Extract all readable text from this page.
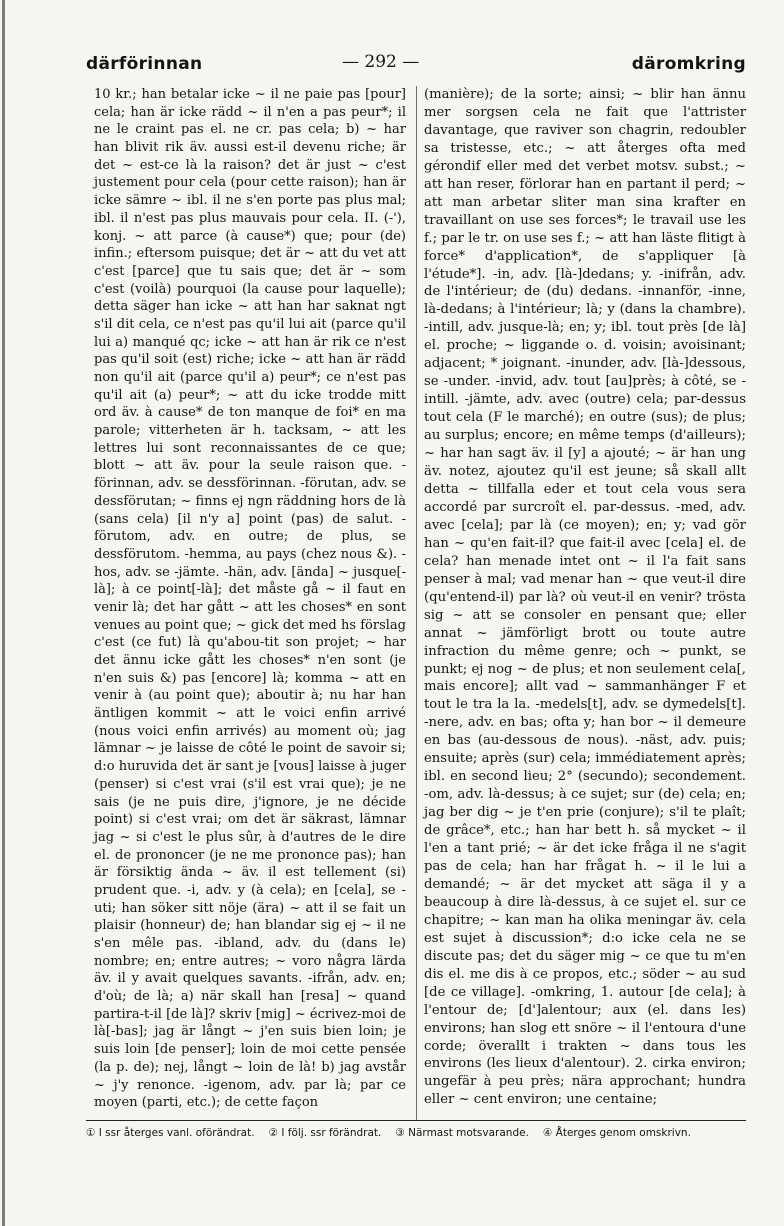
därförinnan	— 292 —	däromkring

10 kr.; han betalar icke ~ il ne paie pas [pour] cela; han är icke rädd ~ il n'en a pas peur*; il ne le craint pas el. ne cr. pas cela; b) ~ har han blivit rik äv. aussi est-il devenu riche; är det ~ est-ce là la raison? det är just ~ c'est justement pour cela (pour cette raison); han är icke sämre ~ ibl. il ne s'en porte pas plus mal; ibl. il n'est pas plus mauvais pour cela. II. (-'), konj. ~ att parce (à cause*) que; pour (de) infin.; eftersom puisque; det är ~ att du vet att c'est [parce] que tu sais que; det är ~ som c'est (voilà) pourquoi (la cause pour laquelle); detta säger han icke ~ att han har saknat ngt s'il dit cela, ce n'est pas qu'il lui ait (parce qu'il lui a) manqué qc; icke ~ att han är rik ce n'est pas qu'il soit (est) riche; icke ~ att han är rädd non qu'il ait (parce qu'il a) peur*; ce n'est pas qu'il ait (a) peur*; ~ att du icke trodde mitt ord äv. à cause* de ton manque de foi* en ma parole; vitterheten är h. tacksam, ~ att les lettres lui sont reconnaissantes de ce que; blott ~ att äv. pour la seule raison que. -förinnan, adv. se dessförinnan. -förutan, adv. se dessförutan; ~ finns ej ngn räddning hors de là (sans cela) [il n'y a] point (pas) de salut. -förutom, adv. en outre; de plus, se dessförutom. -hemma, au pays (chez nous &). -hos, adv. se -jämte. -hän, adv. [ända] ~ jusque[-là]; à ce point[-là]; det måste gå ~ il faut en venir là; det har gått ~ att les choses* en sont venues au point que; ~ gick det med hs förslag c'est (ce fut) là qu'abou-tit son projet; ~ har det ännu icke gått les choses* n'en sont (je n'en suis &) pas [encore] là; komma ~ att en venir à (au point que); aboutir à; nu har han äntligen kommit ~ att le voici enfin arrivé (nous voici enfin arrivés) au moment où; jag lämnar ~ je laisse de côté le point de savoir si; d:o huruvida det är sant je [vous] laisse à juger (penser) si c'est vrai (s'il est vrai que); je ne sais (je ne puis dire, j'ignore, je ne décide point) si c'est vrai; om det är säkrast, lämnar jag ~ si c'est le plus sûr, à d'autres de le dire el. de prononcer (je ne me prononce pas); han är försiktig ända ~ äv. il est tellement (si) prudent que. -i, adv. y (à cela); en [cela], se -uti; han söker sitt nöje (ära) ~ att il se fait un plaisir (honneur) de; han blandar sig ej ~ il ne s'en mêle pas. -ibland, adv. du (dans le) nombre; en; entre autres; ~ voro några lärda äv. il y avait quelques savants. -ifrån, adv. en; d'où; de là; a) när skall han [resa] ~ quand partira-t-il [de là]? skriv [mig] ~ écrivez-moi de là[-bas]; jag är långt ~ j'en suis bien loin; je suis loin [de penser]; loin de moi cette pensée (la p. de); nej, långt ~ loin de là! b) jag avstår ~ j'y renonce. -igenom, adv. par là; par ce moyen (parti, etc.); de cette façon

(manière); de la sorte; ainsi; ~ blir han ännu mer sorgsen cela ne fait que l'attrister davantage, que raviver son chagrin, redoubler sa tristesse, etc.; ~ att återges ofta med gérondif eller med det verbet motsv. subst.; ~ att han reser, förlorar han en partant il perd; ~ att man arbetar sliter man sina krafter en travaillant on use ses forces*; le travail use les f.; par le tr. on use ses f.; ~ att han läste flitigt à force* d'application*, de s'appliquer [à l'étude*]. -in, adv. [là-]dedans; y. -inifrån, adv. de l'intérieur; de (du) dedans. -innanför, -inne, là-dedans; à l'intérieur; là; y (dans la chambre). -intill, adv. jusque-là; en; y; ibl. tout près [de là] el. proche; ~ liggande o. d. voisin; avoisinant; adjacent; * joignant. -inunder, adv. [là-]dessous, se -under. -invid, adv. tout [au]près; à côté, se -intill. -jämte, adv. avec (outre) cela; par-dessus tout cela (F le marché); en outre (sus); de plus; au surplus; encore; en même temps (d'ailleurs); ~ har han sagt äv. il [y] a ajouté; ~ är han ung äv. notez, ajoutez qu'il est jeune; så skall allt detta ~ tillfalla eder et tout cela vous sera accordé par surcroît el. par-dessus. -med, adv. avec [cela]; par là (ce moyen); en; y; vad gör han ~ qu'en fait-il? que fait-il avec [cela] el. de cela? han menade intet ont ~ il l'a fait sans penser à mal; vad menar han ~ que veut-il dire (qu'entend-il) par là? où veut-il en venir? trösta sig ~ att se consoler en pensant que; eller annat ~ jämförligt brott ou toute autre infraction du même genre; och ~ punkt, se punkt; ej nog ~ de plus; et non seulement cela[, mais encore]; allt vad ~ sammanhänger F et tout le tra la la. -medels[t], adv. se dymedels[t]. -nere, adv. en bas; ofta y; han bor ~ il demeure en bas (au-dessous de nous). -näst, adv. puis; ensuite; après (sur) cela; immédiatement après; ibl. en second lieu; 2° (secundo); secondement. -om, adv. là-dessus; à ce sujet; sur (de) cela; en; jag ber dig ~ je t'en prie (conjure); s'il te plaît; de grâce*, etc.; han har bett h. så mycket ~ il l'en a tant prié; ~ är det icke fråga il ne s'agit pas de cela; han har frågat h. ~ il le lui a demandé; ~ är det mycket att säga il y a beaucoup à dire là-dessus, à ce sujet el. sur ce chapitre; ~ kan man ha olika meningar äv. cela est sujet à discussion*; d:o icke cela ne se discute pas; det du säger mig ~ ce que tu m'en dis el. me dis à ce propos, etc.; söder ~ au sud [de ce village]. -omkring, 1. autour [de cela]; à l'entour de; [d']alentour; aux (el. dans les) environs; han slog ett snöre ~ il l'entoura d'une corde; överallt i trakten ~ dans tous les environs (les lieux d'alentour). 2. cirka environ; ungefär à peu près; nära approchant; hundra eller ~ cent environ; une centaine;

① I ssr återges vanl. oförändrat. ② I följ. ssr förändrat. ③ Närmast motsvarande. ④ Återges genom omskrivn.
